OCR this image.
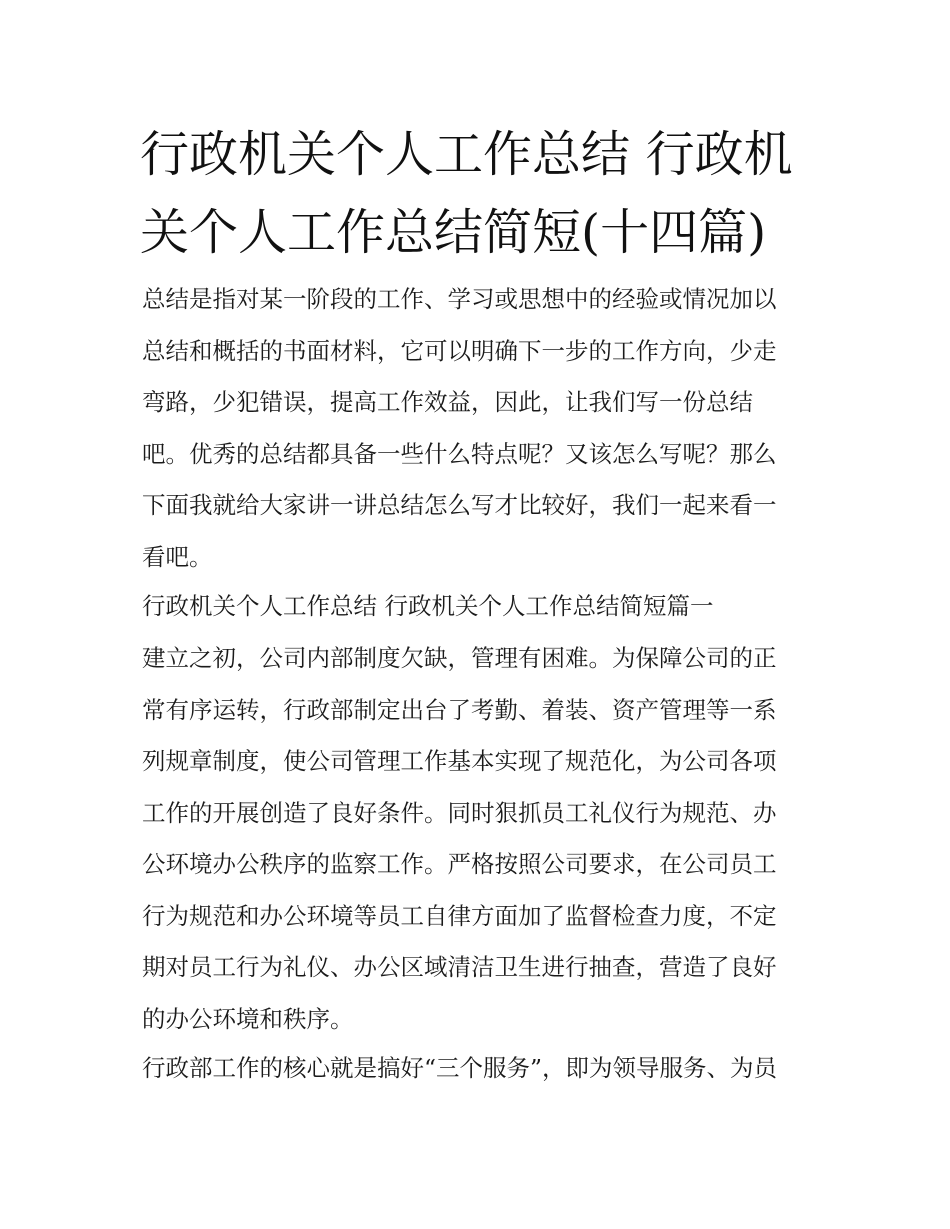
行政机关个人工作总结 行政机
关个人工作总结简短(十四篇)
总结是指对某一阶段的工作、学习或思想中的经验或情况加以
总结和概括的书面材料，它可以明确下一步的工作方向，少走
弯路，少犯错误，提高工作效益，因此，让我们写一份总结
吧。优秀的总结都具备一些什么特点呢？又该怎么写呢？那么
下面我就给大家讲一讲总结怎么写才比较好，我们一起来看一
看吧。
行政机关个人工作总结 行政机关个人工作总结简短篇一
建立之初，公司内部制度欠缺，管理有困难。为保障公司的正
常有序运转，行政部制定出台了考勤、着装、资产管理等一系
列规章制度，使公司管理工作基本实现了规范化，为公司各项
工作的开展创造了良好条件。同时狠抓员工礼仪行为规范、办
公环境办公秩序的监察工作。严格按照公司要求，在公司员工
行为规范和办公环境等员工自律方面加了监督检查力度，不定
期对员工行为礼仪、办公区域清洁卫生进行抽查，营造了良好
的办公环境和秩序。
行政部工作的核心就是搞好“三个服务”，即为领导服务、为员
